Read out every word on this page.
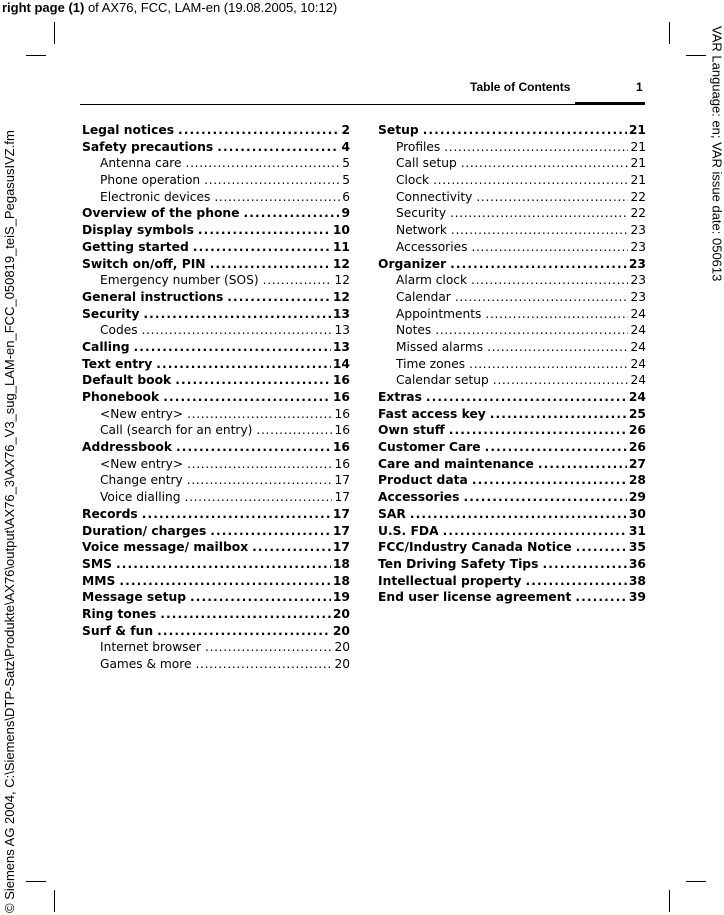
right page (1) of AX76, FCC, LAM-en (19.08.2005, 10:12)
© Siemens AG 2004, C:\Siemens\DTP-Satz\Produkte\AX76\output\AX76_3\AX76_V3_sug_LAM-en_FCC_050819_teiS_PegasusIVZ.fm	VAR Language: en; VAR issue date: 050613
Table of Contents	1
Legal notices . . .	2
Safety precautions . . .	4
Antenna care . . .	5
Phone operation . . .	5
Electronic devices . . .	6
Overview of the phone . . .	9
Display symbols . . .	10
Getting started . . .	11
Switch on/off, PIN . . .	12
Emergency number (SOS) . . .	12
General instructions . . .	12
Security . . .	13
Codes . . .	13
Calling . . .	13
Text entry . . .	14
Default book . . .	16
Phonebook . . .	16
<New entry> . . .	16
Call (search for an entry) . . .	16
Addressbook . . .	16
<New entry> . . .	16
Change entry . . .	17
Voice dialling . . .	17
Records . . .	17
Duration/ charges . . .	17
Voice message/ mailbox . . .	17
SMS . . .	18
MMS . . .	18
Message setup . . .	19
Ring tones . . .	20
Surf & fun . . .	20
Internet browser . . .	20
Games & more . . .	20
Setup . . .	21
Profiles . . .	21
Call setup . . .	21
Clock . . .	21
Connectivity . . .	22
Security . . .	22
Network . . .	23
Accessories . . .	23
Organizer . . .	23
Alarm clock . . .	23
Calendar . . .	23
Appointments . . .	24
Notes . . .	24
Missed alarms . . .	24
Time zones . . .	24
Calendar setup . . .	24
Extras . . .	24
Fast access key . . .	25
Own stuff . . .	26
Customer Care . . .	26
Care and maintenance . . .	27
Product data . . .	28
Accessories . . .	29
SAR . . .	30
U.S. FDA . . .	31
FCC/Industry Canada Notice . . .	35
Ten Driving Safety Tips . . .	36
Intellectual property . . .	38
End user license agreement . . .	39
